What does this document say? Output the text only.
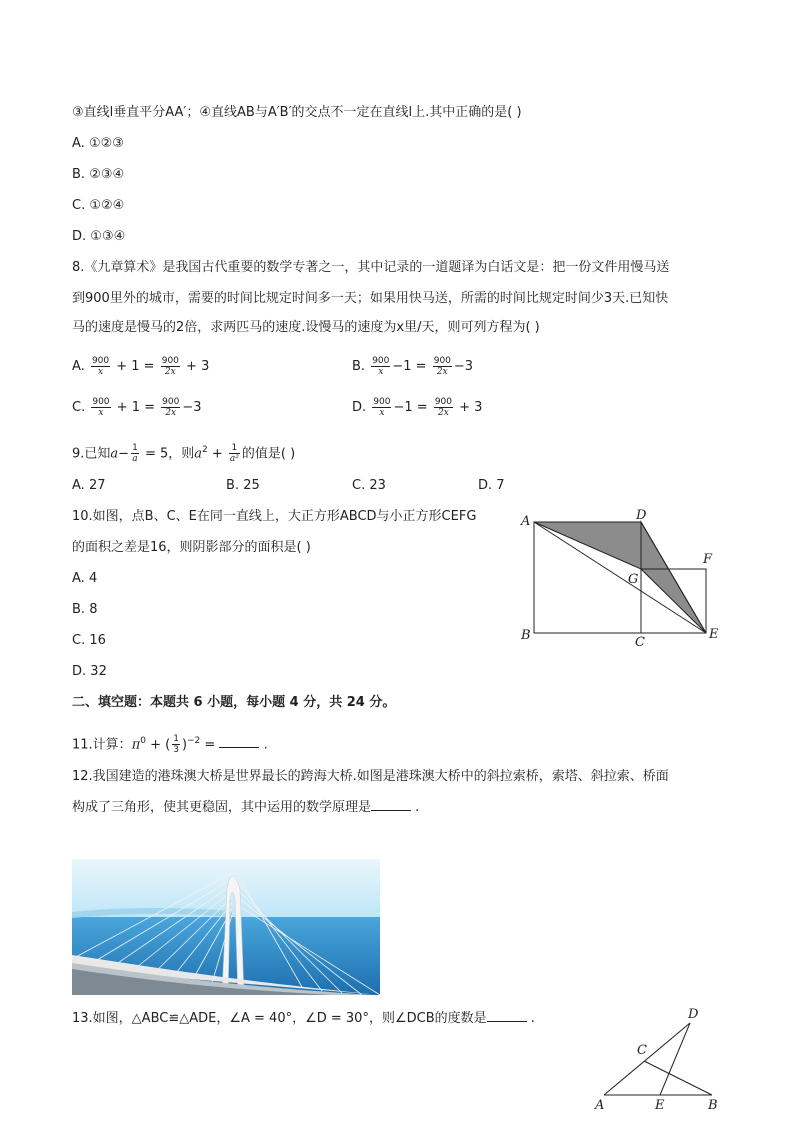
③直线l垂直平分AA′；④直线AB与A′B′的交点不一定在直线l上.其中正确的是( )
A. ①②③
B. ②③④
C. ①②④
D. ①③④
8.《九章算术》是我国古代重要的数学专著之一，其中记录的一道题译为白话文是：把一份文件用慢马送
到900里外的城市，需要的时间比规定时间多一天；如果用快马送，所需的时间比规定时间少3天.已知快
马的速度是慢马的2倍，求两匹马的速度.设慢马的速度为x里/天，则可列方程为( )
A. $\frac{900}{x} + 1 = \frac{900}{2x} + 3$	B. $\frac{900}{x} -1 = \frac{900}{2x} -3$
C. $\frac{900}{x} + 1 = \frac{900}{2x} -3$	D. $\frac{900}{x} -1 = \frac{900}{2x} + 3$
9.已知$a- \frac{1}{a} = 5$，则$a^2 + \frac{1}{\text{a²}}$ 的值是( )
A. 27	B. 25	C. 23	D. 7
10.如图，点B、C、E在同一直线上，大正方形ABCD与小正方形CEFG
的面积之差是16，则阴影部分的面积是( )
A. 4
B. 8
C. 16
D. 32
A	D
F
G
B	C
E
二、填空题：本题共 6 小题，每小题 4 分，共 24 分。
11.计算：$\pi^0$ + ( $\frac{1}{3} )^{-2}$ =	.
12.我国建造的港珠澳大桥是世界最长的跨海大桥.如图是港珠澳大桥中的斜拉索桥，索塔、斜拉索、桥面
构成了三角形，使其更稳固，其中运用的数学原理是	.
13.如图，△ABC≌△ADE，∠A = 40°，∠D = 30°，则∠DCB的度数是	.	D
C
A	E	B
